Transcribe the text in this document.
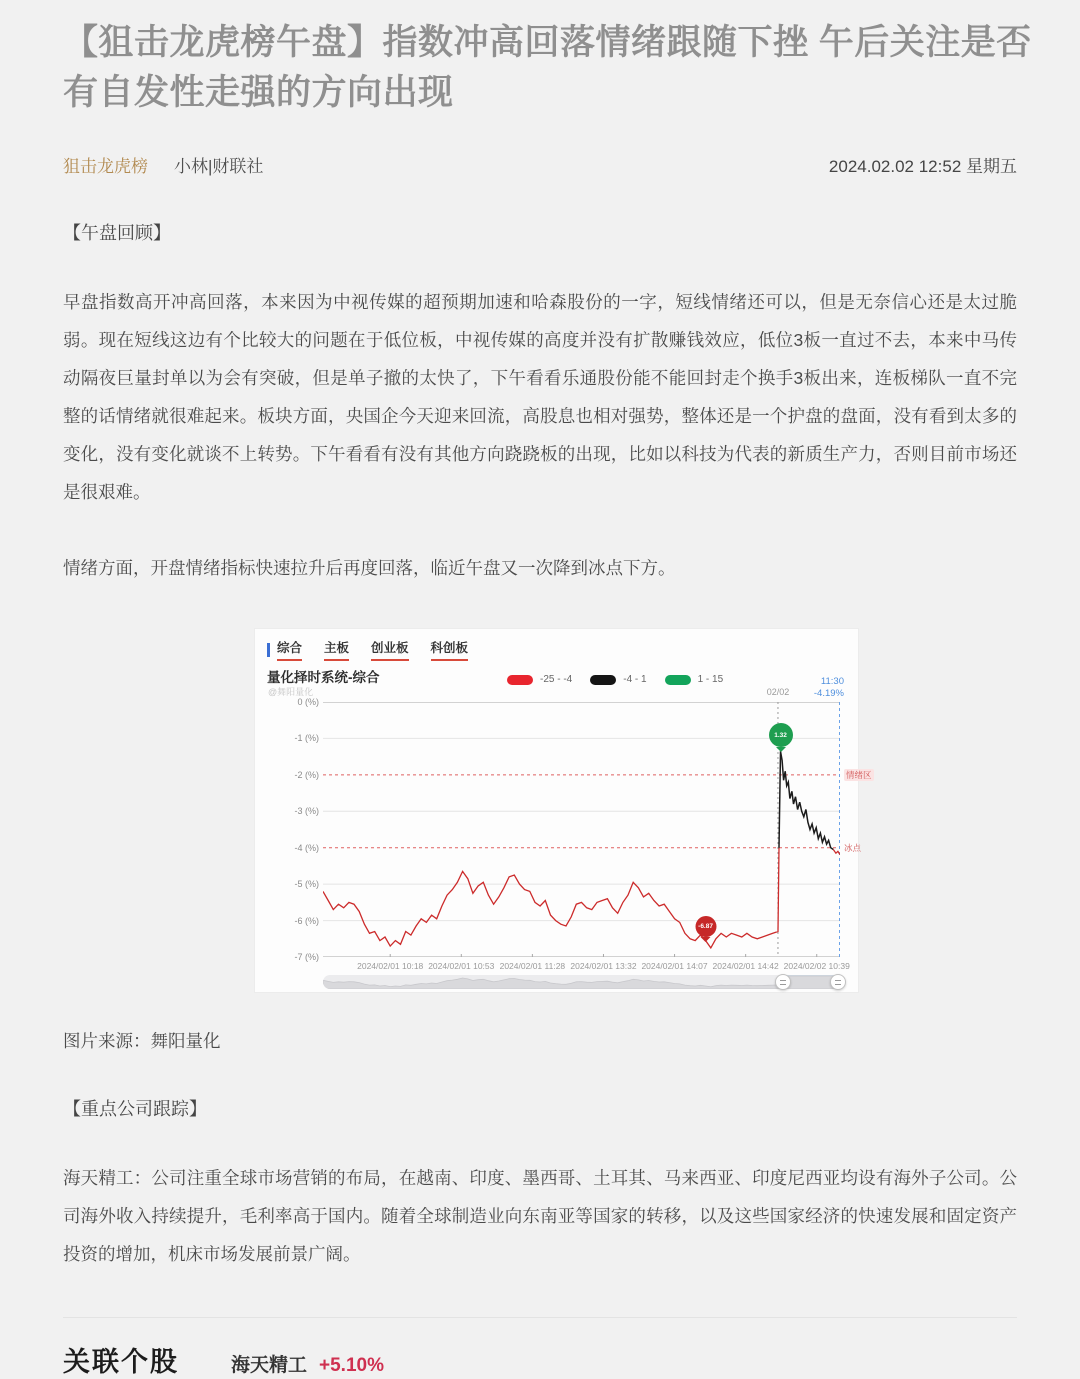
【狙击龙虎榜午盘】指数冲高回落情绪跟随下挫 午后关注是否有自发性走强的方向出现
狙击龙虎榜 小林|财联社	2024.02.02 12:52 星期五
【午盘回顾】

早盘指数高开冲高回落，本来因为中视传媒的超预期加速和哈森股份的一字，短线情绪还可以，但是无奈信心还是太过脆弱。现在短线这边有个比较大的问题在于低位板，中视传媒的高度并没有扩散赚钱效应，低位3板一直过不去，本来中马传动隔夜巨量封单以为会有突破，但是单子撤的太快了，下午看看乐通股份能不能回封走个换手3板出来，连板梯队一直不完整的话情绪就很难起来。板块方面，央国企今天迎来回流，高股息也相对强势，整体还是一个护盘的盘面，没有看到太多的变化，没有变化就谈不上转势。下午看看有没有其他方向跷跷板的出现，比如以科技为代表的新质生产力，否则目前市场还是很艰难。

情绪方面，开盘情绪指标快速拉升后再度回落，临近午盘又一次降到冰点下方。

综合 主板 创业板 科创板
量化择时系统-综合
@舞阳量化
-25 - -4	-4 - 1	1 - 15
02/02
11:30
-4.19%
0 (%)
-1 (%)
-2 (%)
-3 (%)
-4 (%)
-5 (%)
-6 (%)
-7 (%)
情绪区
冰点
-6.87
1.32
2024/02/01 10:18 2024/02/01 10:53 2024/02/01 11:28 2024/02/01 13:32 2024/02/01 14:07 2024/02/01 14:42 2024/02/02 10:39

图片来源：舞阳量化

【重点公司跟踪】

海天精工：公司注重全球市场营销的布局，在越南、印度、墨西哥、土耳其、马来西亚、印度尼西亚均设有海外子公司。公司海外收入持续提升，毛利率高于国内。随着全球制造业向东南亚等国家的转移，以及这些国家经济的快速发展和固定资产投资的增加，机床市场发展前景广阔。

关联个股	海天精工 +5.10%
